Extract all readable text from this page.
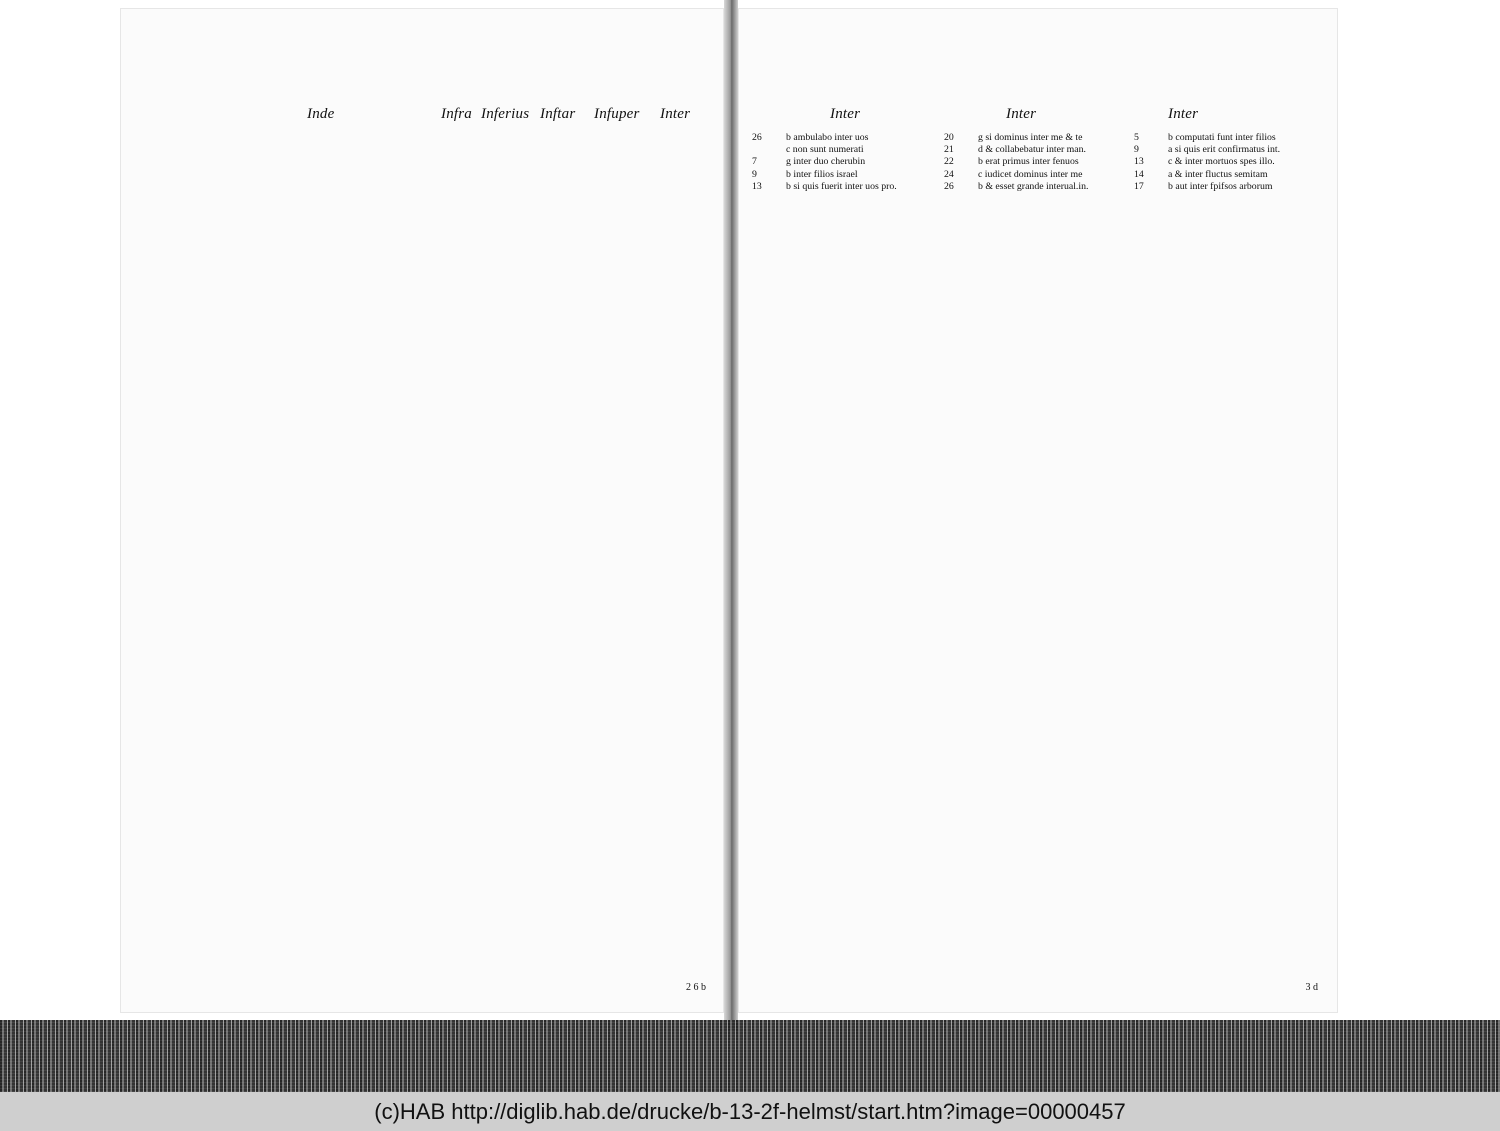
Inde	Infra Inferius Inftar Infuper Inter
2 6 b
Inter	Inter	Inter
26 b ambulabo inter uos
c non sunt numerati
7	g inter duo cherubin
9	b inter filios israel
13 b si quis fuerit inter uos pro.
20 g si dominus inter me & te
21 d & collabebatur inter man.
22 b erat primus inter fenuos
24 c iudicet dominus inter me
26 b & esset grande interual.in.
5	b computati funt inter filios
9	a si quis erit confirmatus int.
13 c & inter mortuos spes illo.
14 a & inter fluctus semitam
17 b aut inter fpifsos arborum
3 d
(c)HAB http://diglib.hab.de/drucke/b-13-2f-helmst/start.htm?image=00000457
